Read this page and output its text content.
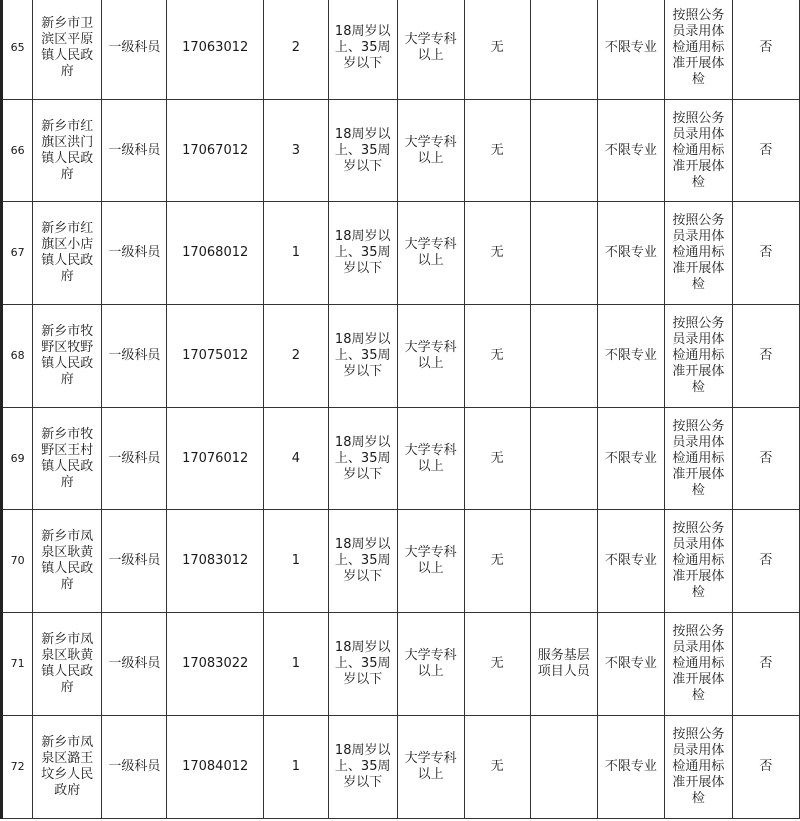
65	新乡市卫滨区平原镇人民政府	一级科员	17063012	2	18周岁以上、35周岁以下	大学专科以上	无		不限专业	按照公务员录用体检通用标准开展体检	否
66	新乡市红旗区洪门镇人民政府	一级科员	17067012	3	18周岁以上、35周岁以下	大学专科以上	无		不限专业	按照公务员录用体检通用标准开展体检	否
67	新乡市红旗区小店镇人民政府	一级科员	17068012	1	18周岁以上、35周岁以下	大学专科以上	无		不限专业	按照公务员录用体检通用标准开展体检	否
68	新乡市牧野区牧野镇人民政府	一级科员	17075012	2	18周岁以上、35周岁以下	大学专科以上	无		不限专业	按照公务员录用体检通用标准开展体检	否
69	新乡市牧野区王村镇人民政府	一级科员	17076012	4	18周岁以上、35周岁以下	大学专科以上	无		不限专业	按照公务员录用体检通用标准开展体检	否
70	新乡市凤泉区耿黄镇人民政府	一级科员	17083012	1	18周岁以上、35周岁以下	大学专科以上	无		不限专业	按照公务员录用体检通用标准开展体检	否
71	新乡市凤泉区耿黄镇人民政府	一级科员	17083022	1	18周岁以上、35周岁以下	大学专科以上	无	服务基层项目人员	不限专业	按照公务员录用体检通用标准开展体检	否
72	新乡市凤泉区潞王坟乡人民政府	一级科员	17084012	1	18周岁以上、35周岁以下	大学专科以上	无		不限专业	按照公务员录用体检通用标准开展体检	否
